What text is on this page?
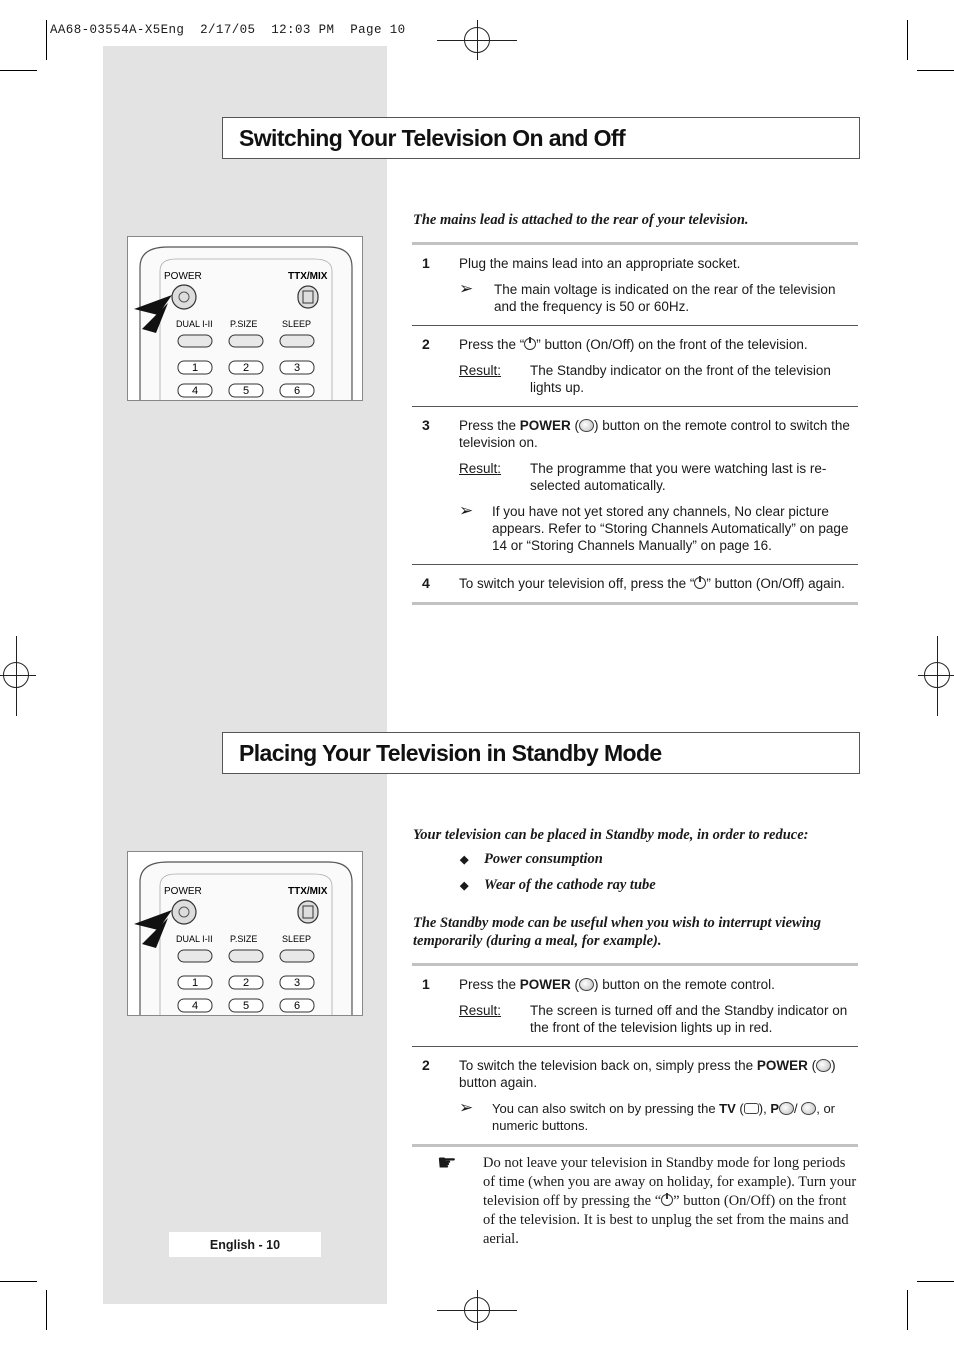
AA68-03554A-X5Eng  2/17/05  12:03 PM  Page 10
Switching Your Television On and Off
POWER	TTX/MIX
DUAL I-II P.SIZE	SLEEP
1	2	3
4	5	6
The mains lead is attached to the rear of your television.
1 Plug the mains lead into an appropriate socket.
➢	The main voltage is indicated on the rear of the television and the frequency is 50 or 60Hz.
2 Press the “ ” button (On/Off) on the front of the television.
Result :	The Standby indicator on the front of the television lights up.
3 Press the POWER ( ) button on the remote control to switch the television on.
Result :	The programme that you were watching last is re-selected automatically.
➢	If you have not yet stored any channels, No clear picture appears. Refer to “Storing Channels Automatically” on page 14 or “Storing Channels Manually” on page 16.
4 To switch your television off, press the “ ” button (On/Off) again.
Placing Your Television in Standby Mode
POWER	TTX/MIX
DUAL I-II P.SIZE	SLEEP
1	2	3
4	5	6
Your television can be placed in Standby mode, in order to reduce:
◆	Power consumption
◆	Wear of the cathode ray tube
The Standby mode can be useful when you wish to interrupt viewing temporarily (during a meal, for example).
1 Press the POWER ( ) button on the remote control.
Result :	The screen is turned off and the Standby indicator on the front of the television lights up in red.
2 To switch the television back on, simply press the POWER ( ) button again.
➢	You can also switch on by pressing the TV ( ), P / , or numeric buttons.
☛	Do not leave your television in Standby mode for long periods of time (when you are away on holiday, for example). Turn your television off by pressing the “ ” button (On/Off) on the front of the television. It is best to unplug the set from the mains and aerial.
English - 10
